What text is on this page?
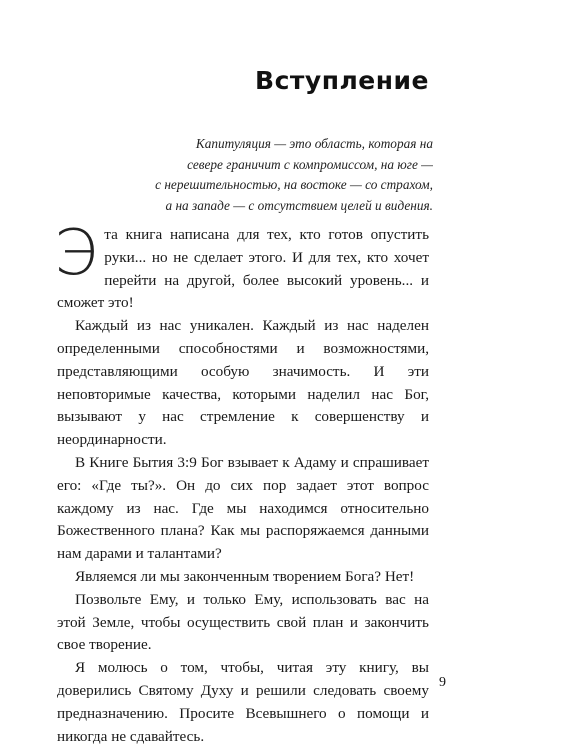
Вступление
Капитуляция — это область, которая на
севере граничит с компромиссом, на юге —
с нерешительностью, на востоке — со страхом,
а на западе — с отсутствием целей и видения.

Эта книга написана для тех, кто готов опустить руки... но не сделает этого. И для тех, кто хочет перейти на другой, более высокий уровень... и сможет это!

Каждый из нас уникален. Каждый из нас наделен определенными способностями и возможностями, представляющими особую значимость. И эти неповторимые качества, которыми наделил нас Бог, вызывают у нас стремление к совершенству и неординарности.

В Книге Бытия 3:9 Бог взывает к Адаму и спрашивает его: «Где ты?». Он до сих пор задает этот вопрос каждому из нас. Где мы находимся относительно Божественного плана? Как мы распоряжаемся данными нам дарами и талантами?

Являемся ли мы законченным творением Бога? Нет!

Позвольте Ему, и только Ему, использовать вас на этой Земле, чтобы осуществить свой план и закончить свое творение.

Я молюсь о том, чтобы, читая эту книгу, вы доверились Святому Духу и решили следовать своему предназначению. Просите Всевышнего о помощи и никогда не сдавайтесь.

9
